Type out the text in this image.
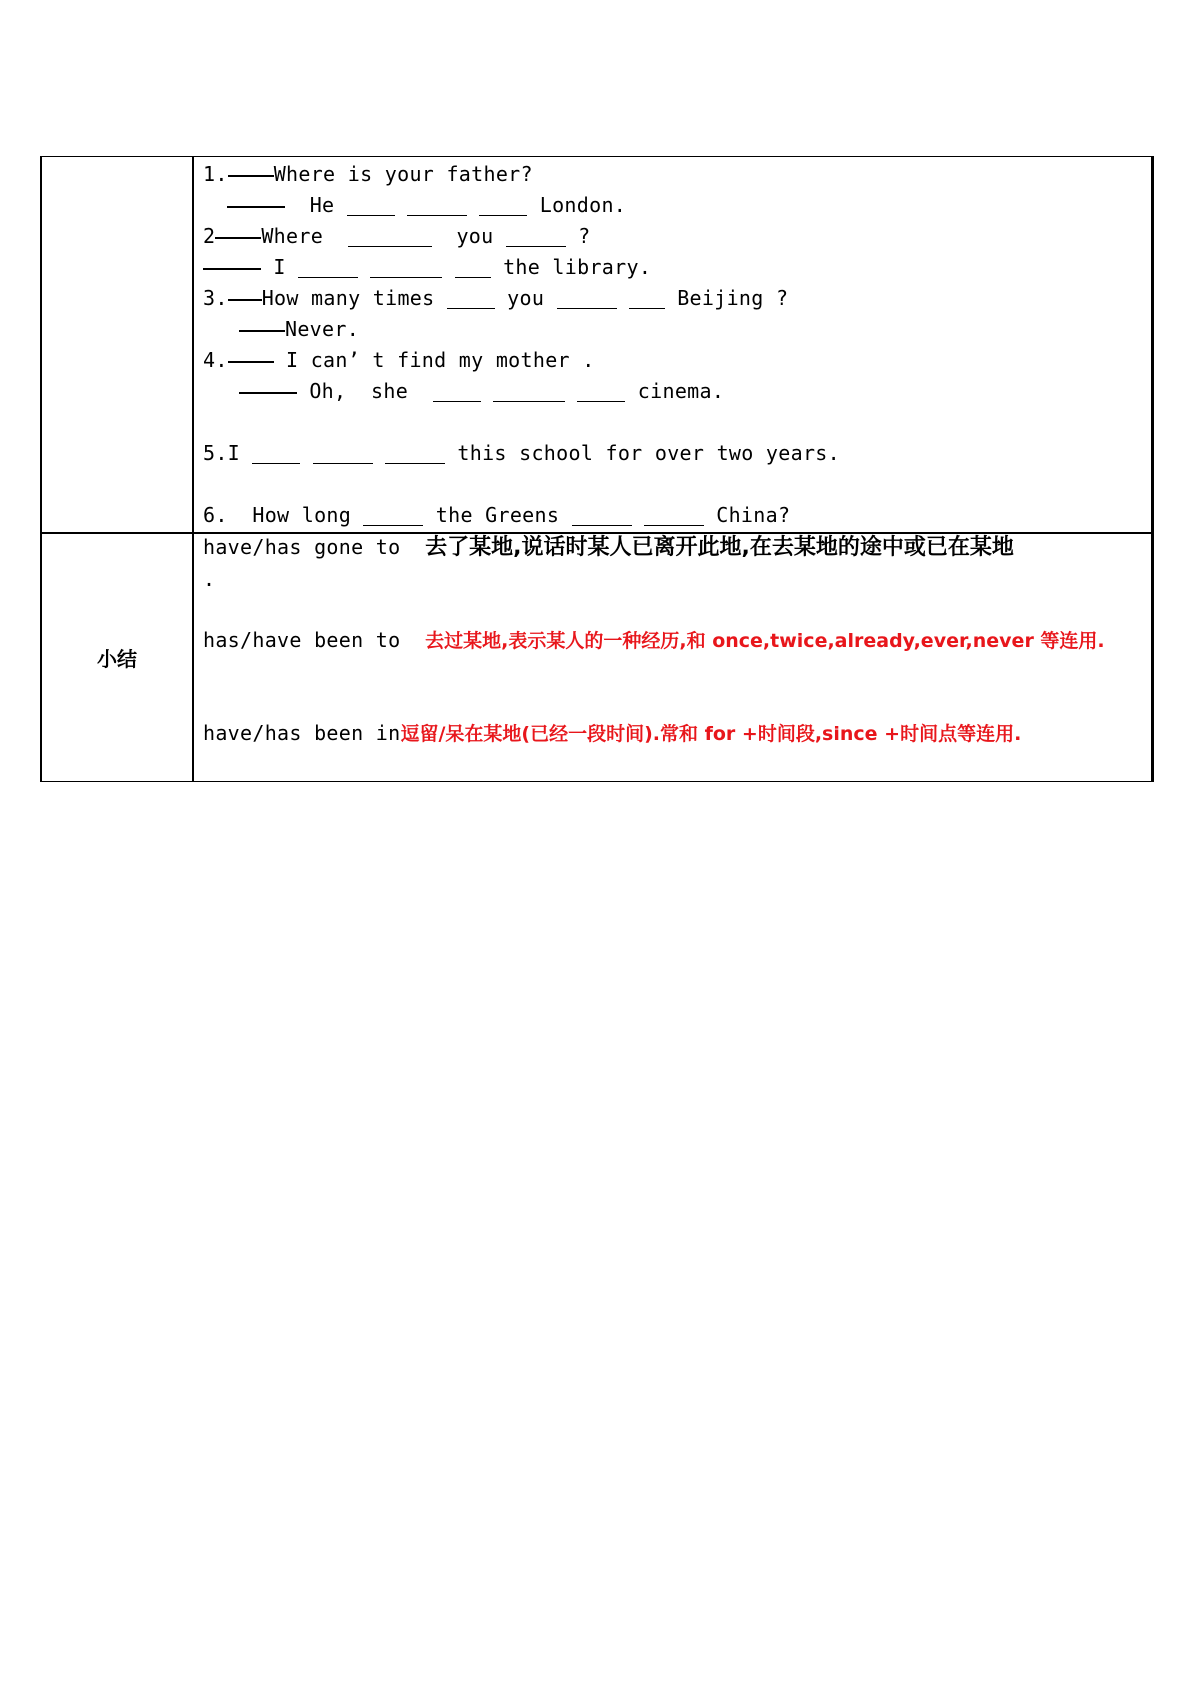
小结
1. Where is your father?
He	London.
2 Where	you	?
I	the library.
3. How many times	you	Beijing ?
Never.
4.	I can’ t find my mother .
Oh,  she	cinema.
5.I	this school for over two years.
6.  How long	the Greens	China?
have/has gone to 去了某地,说话时某人已离开此地,在去某地的途中或已在某地
.
has/have been to 去过某地,表示某人的一种经历,和 once,twice,already,ever,never 等连用.
have/has been in逗留/呆在某地(已经一段时间).常和 for +时间段,since +时间点等连用.
